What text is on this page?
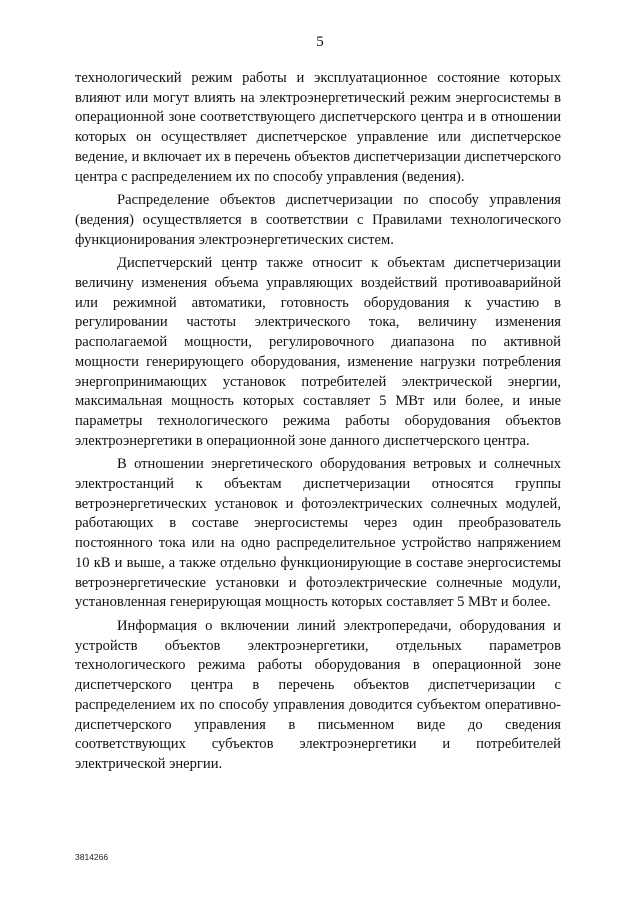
5

технологический режим работы и эксплуатационное состояние которых влияют или могут влиять на электроэнергетический режим энергосистемы в операционной зоне соответствующего диспетчерского центра и в отношении которых он осуществляет диспетчерское управление или диспетчерское ведение, и включает их в перечень объектов диспетчеризации диспетчерского центра с распределением их по способу управления (ведения).

Распределение объектов диспетчеризации по способу управления (ведения) осуществляется в соответствии с Правилами технологического функционирования электроэнергетических систем.

Диспетчерский центр также относит к объектам диспетчеризации величину изменения объема управляющих воздействий противоаварийной или режимной автоматики, готовность оборудования к участию в регулировании частоты электрического тока, величину изменения располагаемой мощности, регулировочного диапазона по активной мощности генерирующего оборудования, изменение нагрузки потребления энергопринимающих установок потребителей электрической энергии, максимальная мощность которых составляет 5 МВт или более, и иные параметры технологического режима работы оборудования объектов электроэнергетики в операционной зоне данного диспетчерского центра.

В отношении энергетического оборудования ветровых и солнечных электростанций к объектам диспетчеризации относятся группы ветроэнергетических установок и фотоэлектрических солнечных модулей, работающих в составе энергосистемы через один преобразователь постоянного тока или на одно распределительное устройство напряжением 10 кВ и выше, а также отдельно функционирующие в составе энергосистемы ветроэнергетические установки и фотоэлектрические солнечные модули, установленная генерирующая мощность которых составляет 5 МВт и более.

Информация о включении линий электропередачи, оборудования и устройств объектов электроэнергетики, отдельных параметров технологического режима работы оборудования в операционной зоне диспетчерского центра в перечень объектов диспетчеризации с распределением их по способу управления доводится субъектом оперативно-диспетчерского управления в письменном виде до сведения соответствующих субъектов электроэнергетики и потребителей электрической энергии.

3814266
